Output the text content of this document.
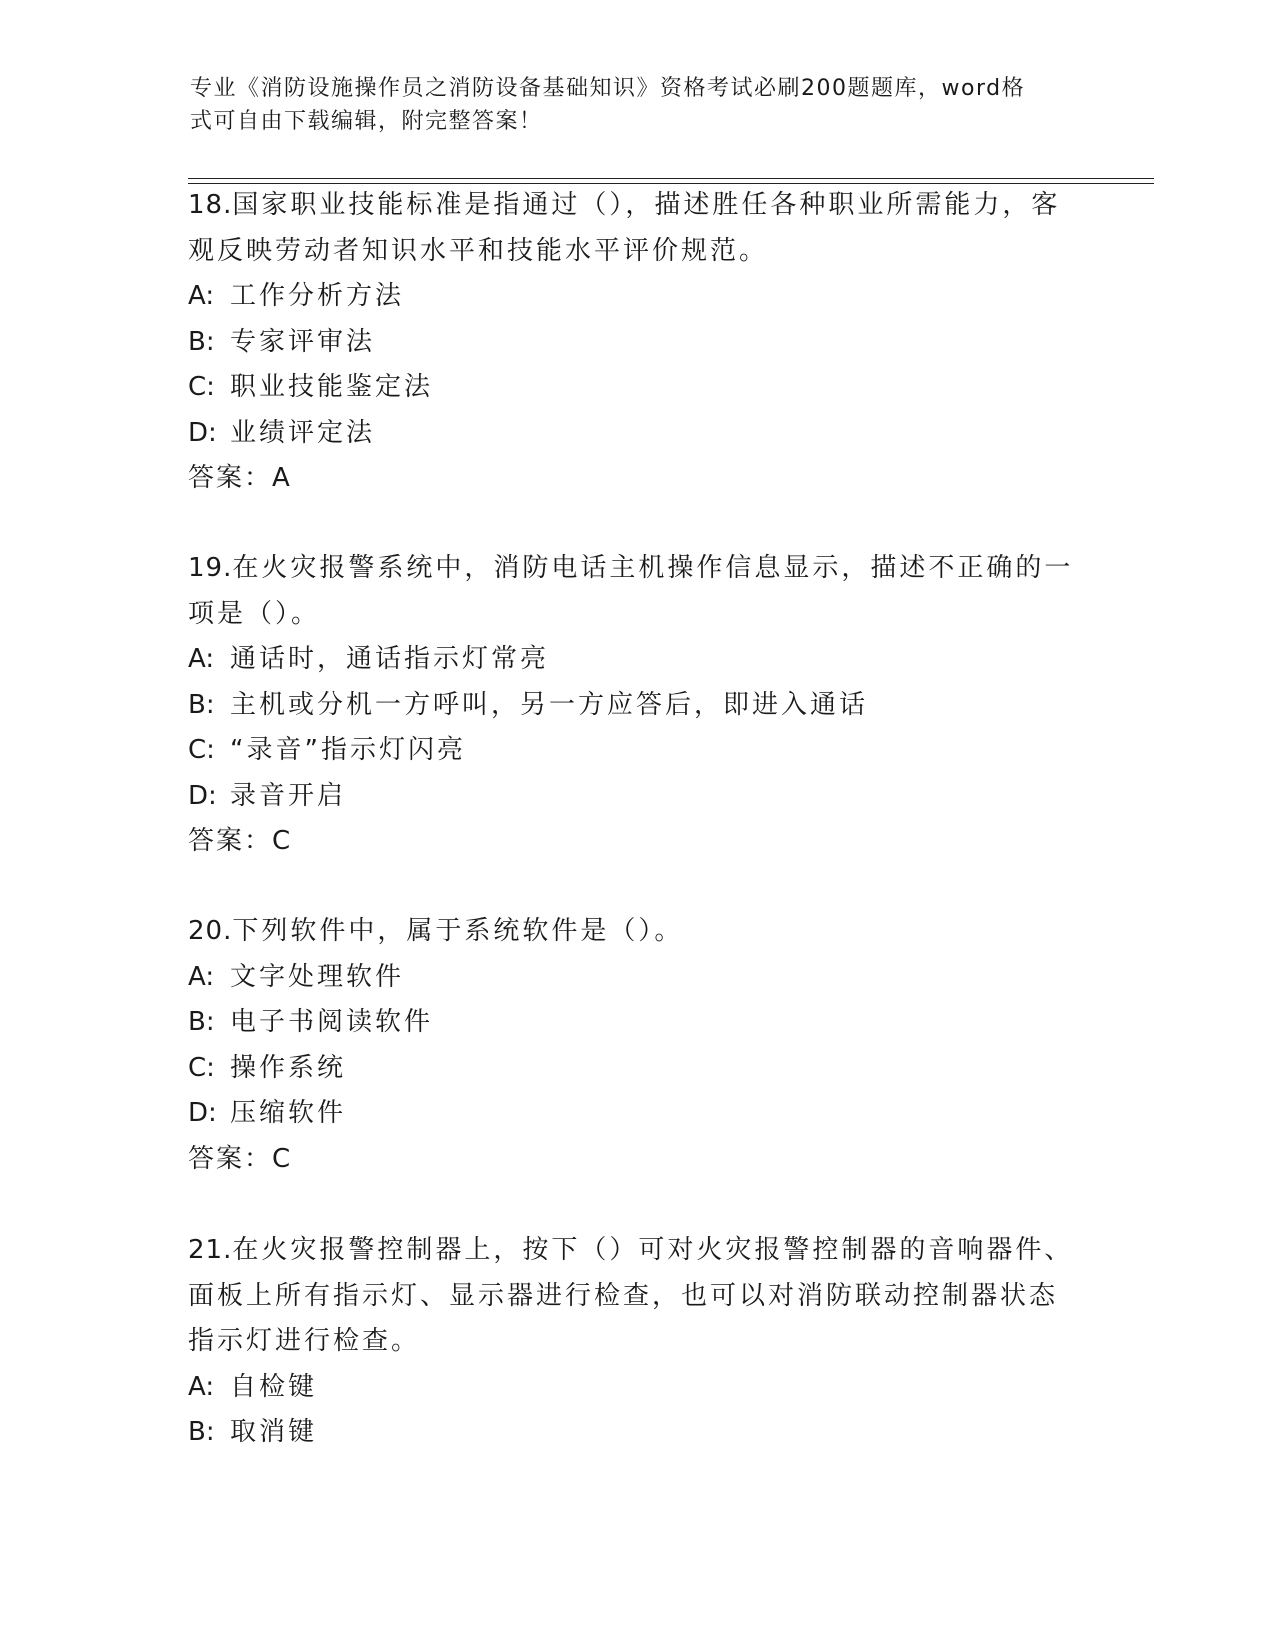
专业《消防设施操作员之消防设备基础知识》资格考试必刷200题题库，word格
式可自由下载编辑，附完整答案！

18.国家职业技能标准是指通过（），描述胜任各种职业所需能力，客

观反映劳动者知识水平和技能水平评价规范。

A: 工作分析方法

B: 专家评审法

C: 职业技能鉴定法

D: 业绩评定法

答案：A

19.在火灾报警系统中，消防电话主机操作信息显示，描述不正确的一

项是（）。

A: 通话时，通话指示灯常亮

B: 主机或分机一方呼叫，另一方应答后，即进入通话

C: “录音”指示灯闪亮

D: 录音开启

答案：C

20.下列软件中，属于系统软件是（）。

A: 文字处理软件

B: 电子书阅读软件

C: 操作系统

D: 压缩软件

答案：C

21.在火灾报警控制器上，按下（）可对火灾报警控制器的音响器件、

面板上所有指示灯、显示器进行检查，也可以对消防联动控制器状态

指示灯进行检查。

A: 自检键

B: 取消键
